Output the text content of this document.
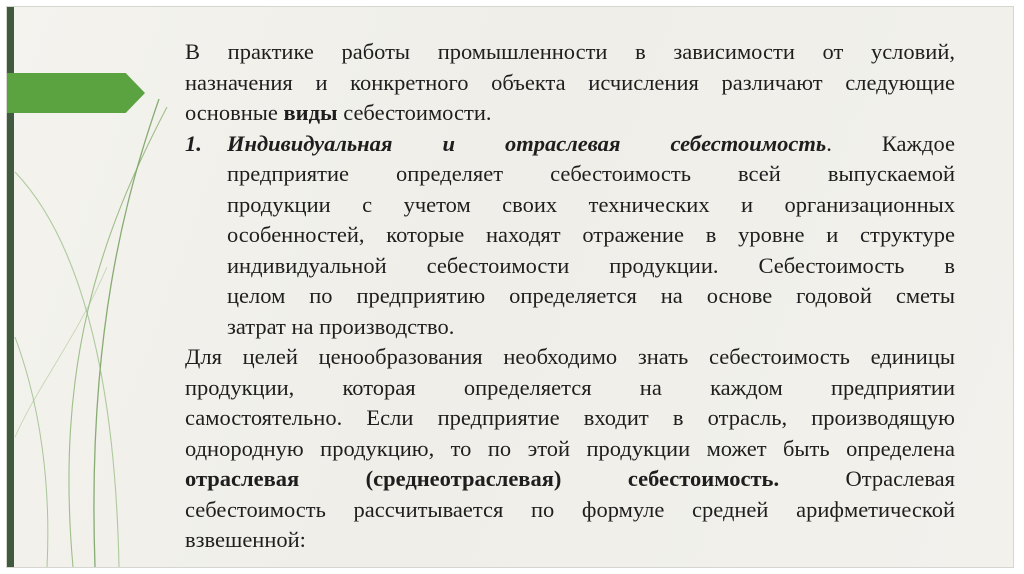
В практике работы промышленности в зависимости от условий,
назначения и конкретного объекта исчисления различают следующие
основные виды себестоимости.

1. Индивидуальная и отраслевая себестоимость. Каждое
предприятие определяет себестоимость всей выпускаемой
продукции с учетом своих технических и организационных
особенностей, которые находят отражение в уровне и структуре
индивидуальной себестоимости продукции. Себестоимость в
целом по предприятию определяется на основе годовой сметы
затрат на производство.

Для целей ценообразования необходимо знать себестоимость единицы
продукции, которая определяется на каждом предприятии
самостоятельно. Если предприятие входит в отрасль, производящую
однородную продукцию, то по этой продукции может быть определена
отраслевая (среднеотраслевая) себестоимость.	Отраслевая
себестоимость рассчитывается по формуле средней арифметической
взвешенной:
